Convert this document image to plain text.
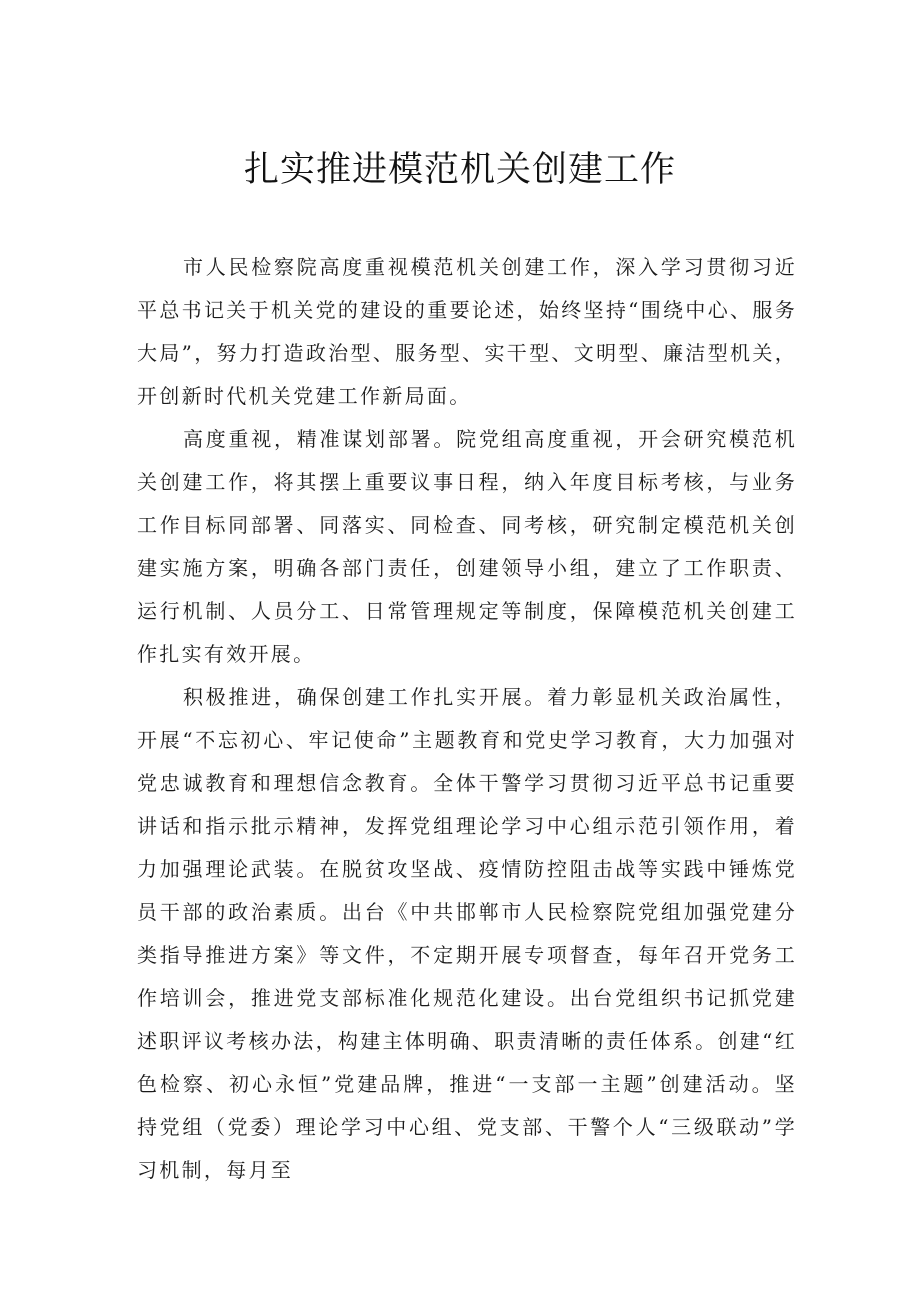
扎实推进模范机关创建工作

市人民检察院高度重视模范机关创建工作，深入学习贯彻习近平总书记关于机关党的建设的重要论述，始终坚持“围绕中心、服务大局”，努力打造政治型、服务型、实干型、文明型、廉洁型机关，开创新时代机关党建工作新局面。

高度重视，精准谋划部署。院党组高度重视，开会研究模范机关创建工作，将其摆上重要议事日程，纳入年度目标考核，与业务工作目标同部署、同落实、同检查、同考核，研究制定模范机关创建实施方案，明确各部门责任，创建领导小组，建立了工作职责、运行机制、人员分工、日常管理规定等制度，保障模范机关创建工作扎实有效开展。

积极推进，确保创建工作扎实开展。着力彰显机关政治属性，开展“不忘初心、牢记使命”主题教育和党史学习教育，大力加强对党忠诚教育和理想信念教育。全体干警学习贯彻习近平总书记重要讲话和指示批示精神，发挥党组理论学习中心组示范引领作用，着力加强理论武装。在脱贫攻坚战、疫情防控阻击战等实践中锤炼党员干部的政治素质。出台《中共邯郸市人民检察院党组加强党建分类指导推进方案》等文件，不定期开展专项督查，每年召开党务工作培训会，推进党支部标准化规范化建设。出台党组织书记抓党建述职评议考核办法，构建主体明确、职责清晰的责任体系。创建“红色检察、初心永恒”党建品牌，推进“一支部一主题”创建活动。坚持党组（党委）理论学习中心组、党支部、干警个人“三级联动”学习机制，每月至
